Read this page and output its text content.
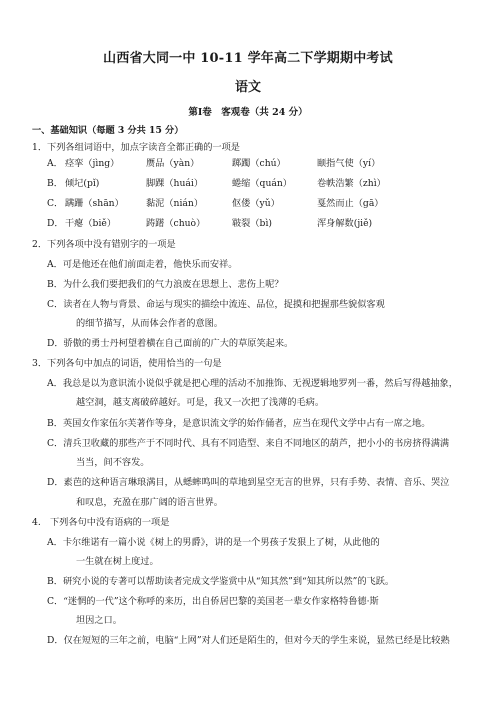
山西省大同一中 10-11 学年高二下学期期中考试
语文
第Ⅰ卷　客观卷（共 24 分）
一、基础知识（每题 3 分共 15 分）
1．下列各组词语中，加点字读音全都正确的一项是
A． 痉挛（jìng）	赝品（yàn）	踯躅（chú）	颐指气使（yí）
B． 倾圮(pǐ)	脚踝（huái）	蜷缩（quán）	卷帙浩繁（zhì）
C． 蹒跚（shān） 黏泥（nián）	伛偻（yǔ）	戛然而止（gā）
D． 干瘪（biě）	踌躇（chuò）	皲裂（bì)	浑身解数(jiě)
2．下列各项中没有错别字的一项是
A．可是他还在他们前面走着，他快乐而安祥。
B．为什么我们要把我们的气力浪废在思想上、悲伤上呢？
C．读者在人物与背景、命运与现实的描绘中流连、品位，捉摸和把握那些貌似客观
的细节描写，从而体会作者的意图。
D．骄傲的勇士丹柯望着横在自己面前的广大的草原笑起来。
3．下列各句中加点的词语，使用恰当的一句是
A．我总是以为意识流小说似乎就是把心理的活动不加推饰、无视逻辑地罗列一番，然后写得越抽象，
越空洞，越支离破碎越好。可是，我又一次把了浅薄的毛病。
B．英国女作家伍尔芙著作等身，是意识流文学的始作俑者，应当在现代文学中占有一席之地。
C．清兵卫收藏的那些产于不同时代、具有不同造型、来自不同地区的葫芦，把小小的书房挤得满满
当当，间不容发。
D．素芭的这种语言琳琅满目，从蟋蟀鸣叫的草地到星空无言的世界，只有手势、表情、音乐、哭泣
和叹息，充盈在那广阔的语言世界。
4.　下列各句中没有语病的一项是
A．卡尔维诺有一篇小说《树上的男爵》，讲的是一个男孩子发狠上了树，从此他的
一生就在树上度过。
B．研究小说的专著可以帮助读者完成文学鉴赏中从“知其然”到“知其所以然”的飞跃。
C．“迷惘的一代”这个称呼的来历，出自侨居巴黎的美国老一辈女作家格特鲁德·斯
坦因之口。
D．仅在短短的三年之前，电脑“上网”对人们还是陌生的，但对今天的学生来说，显然已经是比较熟
